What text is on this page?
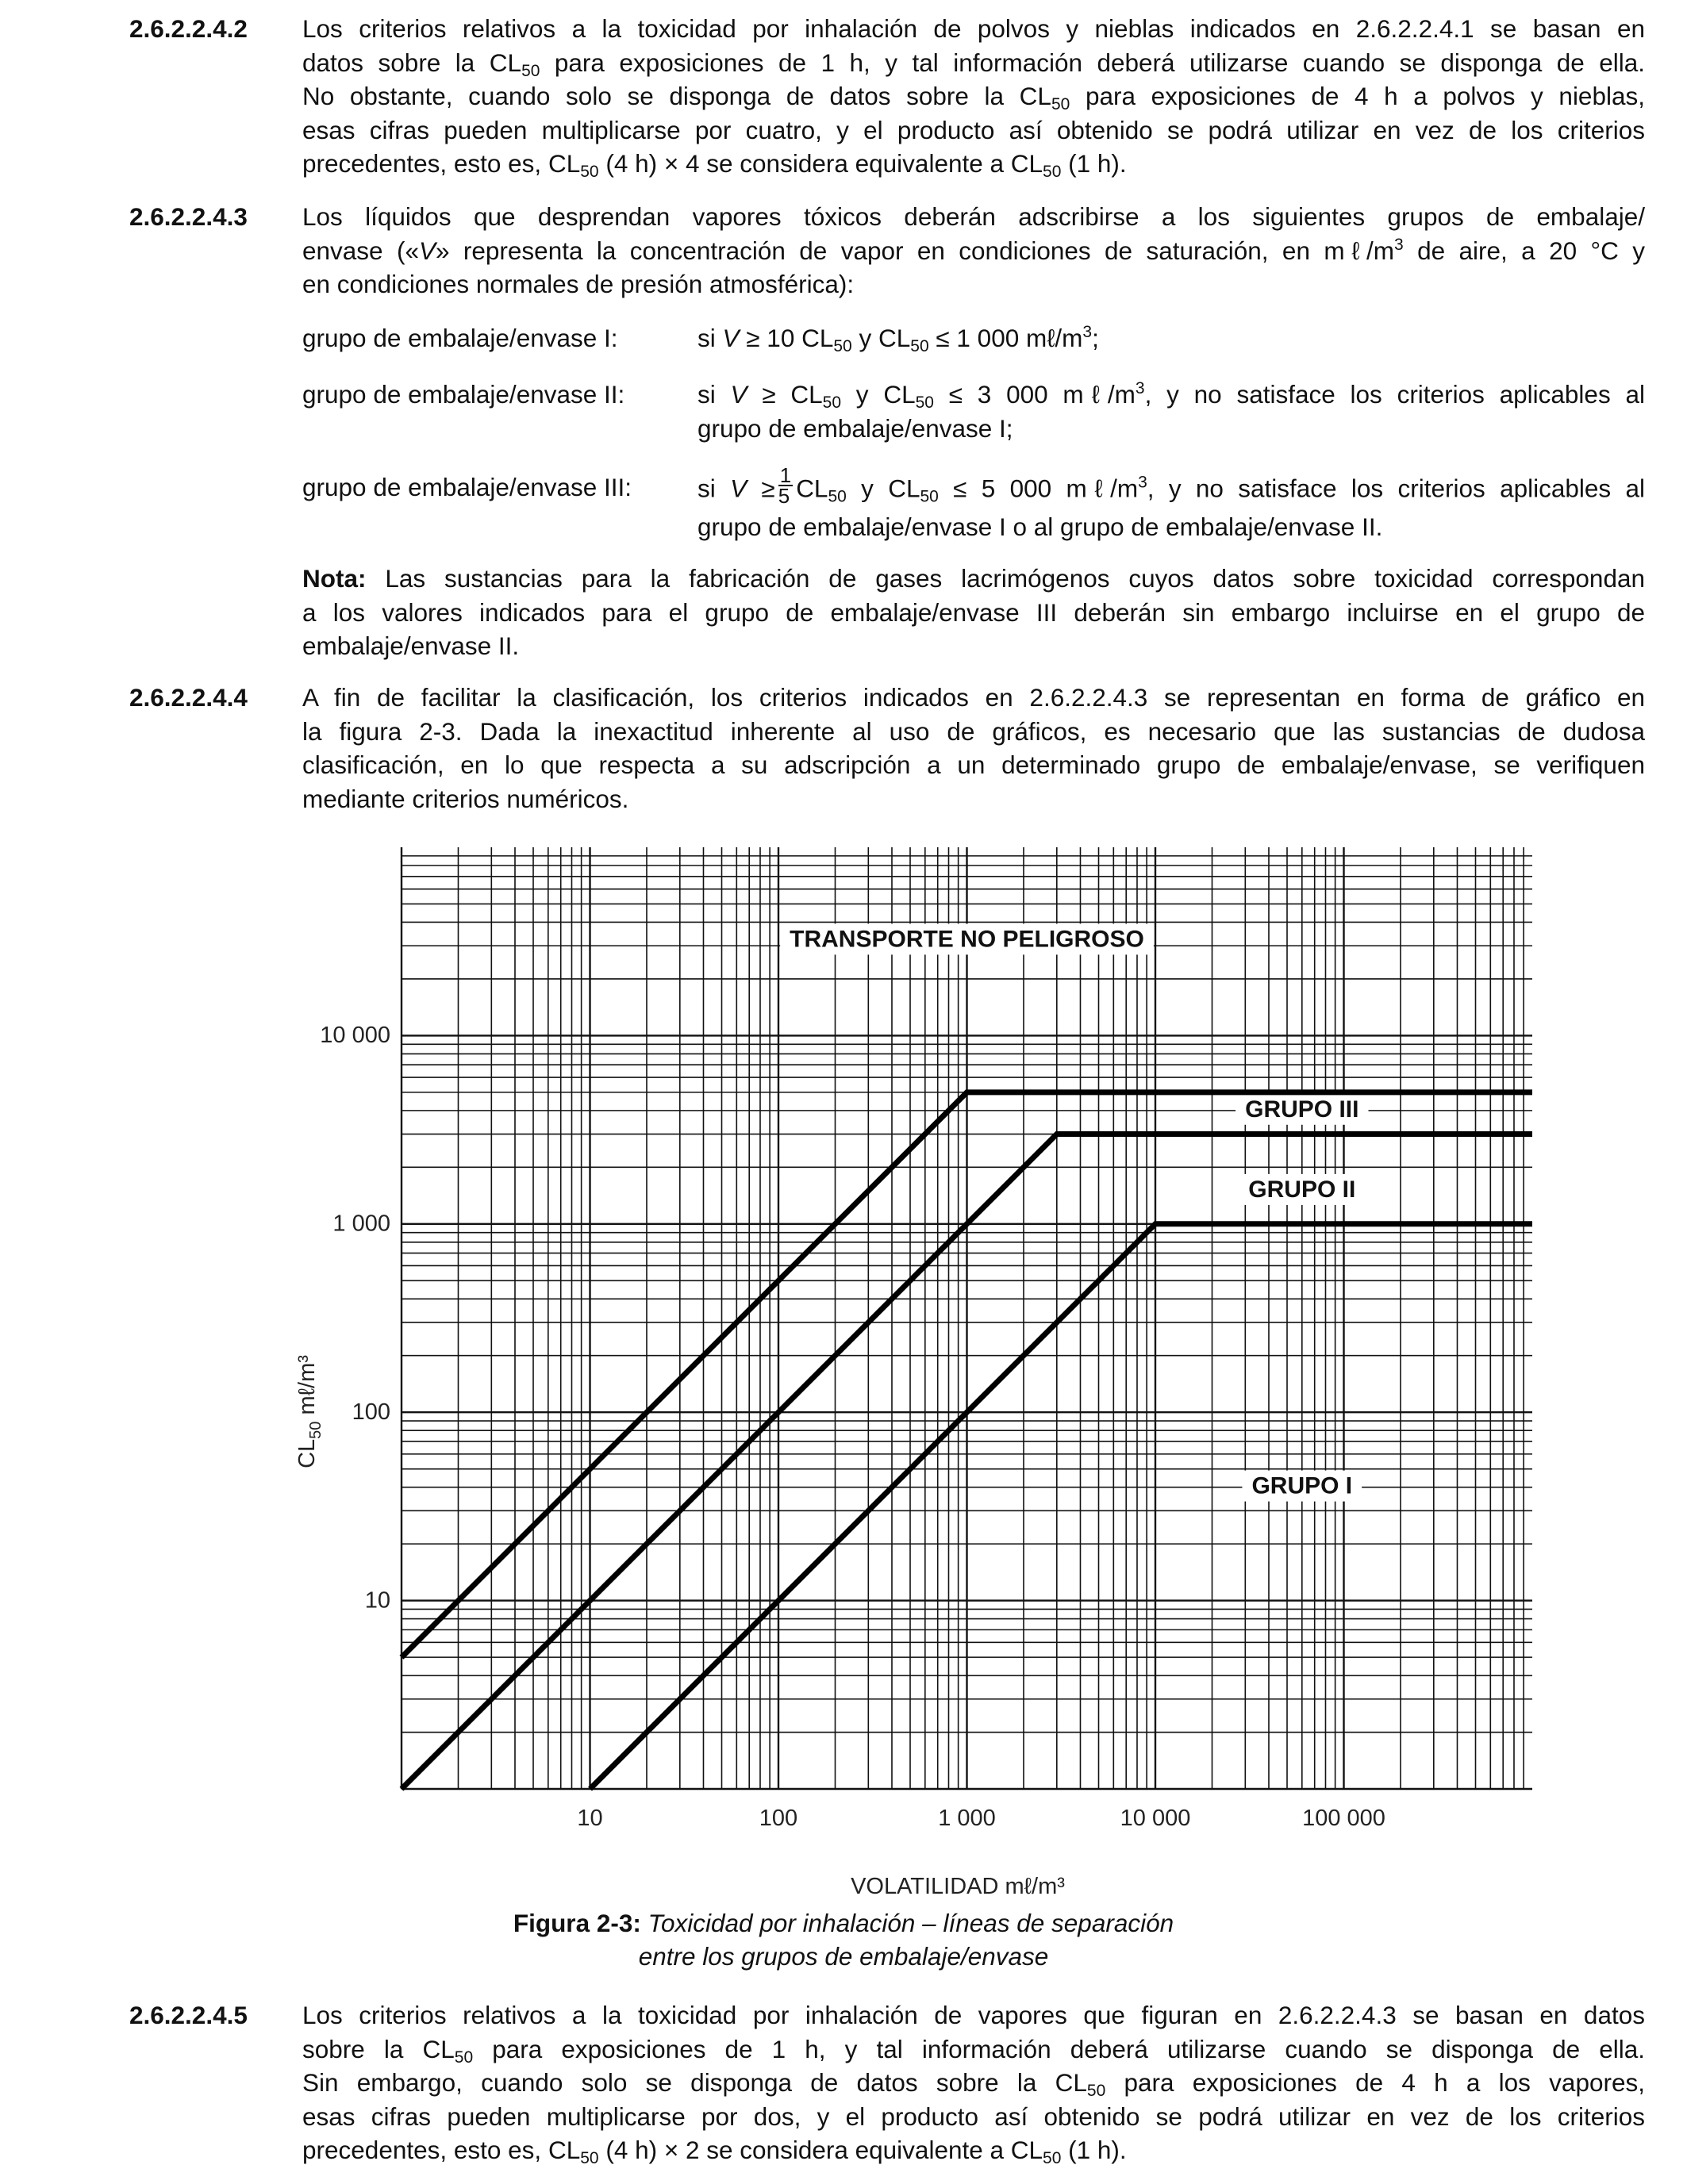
2.6.2.2.4.2 Los criterios relativos a la toxicidad por inhalación de polvos y nieblas indicados en 2.6.2.2.4.1 se basan en
datos sobre la $CL_{50}$ para exposiciones de 1 h, y tal información deberá utilizarse cuando se disponga de ella.
No obstante, cuando solo se disponga de datos sobre la $CL_{50}$ para exposiciones de 4 h a polvos y nieblas,
esas cifras pueden multiplicarse por cuatro, y el producto así obtenido se podrá utilizar en vez de los criterios
precedentes, esto es, $CL_{50}$ (4 h) × 4 se considera equivalente a $CL_{50}$ (1 h).
2.6.2.2.4.3 Los líquidos que desprendan vapores tóxicos deberán adscribirse a los siguientes grupos de embalaje/
envase («V» representa la concentración de vapor en condiciones de saturación, en $m\ell/m^3$ de aire, a 20 °C y
en condiciones normales de presión atmosférica):
grupo de embalaje/envase I:	si V ≥ 10 $CL_{50}$ y $CL_{50} \le 1$ 000 $m\ell/m^3$;
grupo de embalaje/envase II:	si $V \ge CL_{50}$ y $CL_{50} \le 3$ 000 $m\ell/m^3$, y no satisface los criterios aplicables al
grupo de embalaje/envase I;
grupo de embalaje/envase III:	si $V \ge \frac{1}{5} CL_{50}$ y $CL_{50} \le 5$ 000 $m\ell/m^3$, y no satisface los criterios aplicables al
grupo de embalaje/envase I o al grupo de embalaje/envase II.
Nota: Las sustancias para la fabricación de gases lacrimógenos cuyos datos sobre toxicidad correspondan
a los valores indicados para el grupo de embalaje/envase III deberán sin embargo incluirse en el grupo de
embalaje/envase II.
2.6.2.2.4.4 A fin de facilitar la clasificación, los criterios indicados en 2.6.2.2.4.3 se representan en forma de gráfico en
la figura 2-3. Dada la inexactitud inherente al uso de gráficos, es necesario que las sustancias de dudosa
clasificación, en lo que respecta a su adscripción a un determinado grupo de embalaje/envase, se verifiquen
mediante criterios numéricos.
TRANSPORTE NO PELIGROSO
GRUPO III
GRUPO II
GRUPO I
10	100	1 000	10 000	100 000
10
100
1 000
10 000
VOLATILIDAD mℓ/m³
$CL_{50}$ mℓ/m³
Figura 2-3: Toxicidad por inhalación – líneas de separación
entre los grupos de embalaje/envase
2.6.2.2.4.5 Los criterios relativos a la toxicidad por inhalación de vapores que figuran en 2.6.2.2.4.3 se basan en datos
sobre la $CL_{50}$ para exposiciones de 1 h, y tal información deberá utilizarse cuando se disponga de ella.
Sin embargo, cuando solo se disponga de datos sobre la $CL_{50}$ para exposiciones de 4 h a los vapores,
esas cifras pueden multiplicarse por dos, y el producto así obtenido se podrá utilizar en vez de los criterios
precedentes, esto es, $CL_{50}$ (4 h) × 2 se considera equivalente a $CL_{50}$ (1 h).
